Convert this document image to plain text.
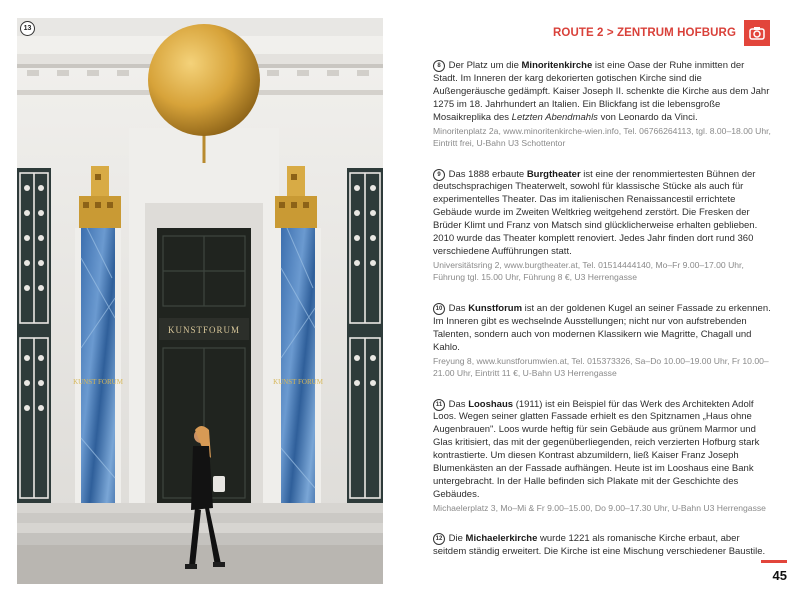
KUNSTFORUM
KUNST FORUM	KUNST FORUM
13	ROUTE 2 > ZENTRUM HOFBURG
8 Der Platz um die Minoritenkirche ist eine Oase der Ruhe inmitten der Stadt. Im Inneren der karg dekorierten gotischen Kirche sind die Außengeräusche gedämpft. Kaiser Joseph II. schenkte die Kirche aus dem Jahr 1275 im 18. Jahrhundert an Italien. Ein Blickfang ist die lebensgroße Mosaikreplika des Letzten Abendmahls von Leonardo da Vinci.
Minoritenplatz 2a, www.minoritenkirche-wien.info, Tel. 06766264113, tgl. 8.00–18.00 Uhr, Eintritt frei, U-Bahn U3 Schottentor
9 Das 1888 erbaute Burgtheater ist eine der renommiertesten Bühnen der deutschsprachigen Theaterwelt, sowohl für klassische Stücke als auch für experimentelles Theater. Das im italienischen Renaissancestil errichtete Gebäude wurde im Zweiten Weltkrieg weitgehend zerstört. Die Fresken der Brüder Klimt und Franz von Matsch sind glücklicherweise erhalten geblieben. 2010 wurde das Theater komplett renoviert. Jedes Jahr finden dort rund 360 verschiedene Aufführungen statt.
Universitätsring 2, www.burgtheater.at, Tel. 01514444140, Mo–Fr 9.00–17.00 Uhr, Führung tgl. 15.00 Uhr, Führung 8 €, U3 Herrengasse
10 Das Kunstforum ist an der goldenen Kugel an seiner Fassade zu erkennen. Im Inneren gibt es wechselnde Ausstellungen; nicht nur von aufstrebenden Talenten, sondern auch von modernen Klassikern wie Magritte, Chagall und Kahlo.
Freyung 8, www.kunstforumwien.at, Tel. 015373326, Sa–Do 10.00–19.00 Uhr, Fr 10.00–21.00 Uhr, Eintritt 11 €, U-Bahn U3 Herrengasse
11 Das Looshaus (1911) ist ein Beispiel für das Werk des Architekten Adolf Loos. Wegen seiner glatten Fassade erhielt es den Spitznamen „Haus ohne Augenbrauen". Loos wurde heftig für sein Gebäude aus grünem Marmor und Glas kritisiert, das mit der gegenüberliegenden, reich verzierten Hofburg stark kontrastierte. Um diesen Kontrast abzumildern, ließ Kaiser Franz Joseph Blumenkästen an der Fassade aufhängen. Heute ist im Looshaus eine Bank untergebracht. In der Halle befinden sich Plakate mit der Geschichte des Gebäudes.
Michaelerplatz 3, Mo–Mi & Fr 9.00–15.00, Do 9.00–17.30 Uhr, U-Bahn U3 Herrengasse
12 Die Michaelerkirche wurde 1221 als romanische Kirche erbaut, aber seitdem ständig erweitert. Die Kirche ist eine Mischung verschiedener Baustile.
45
